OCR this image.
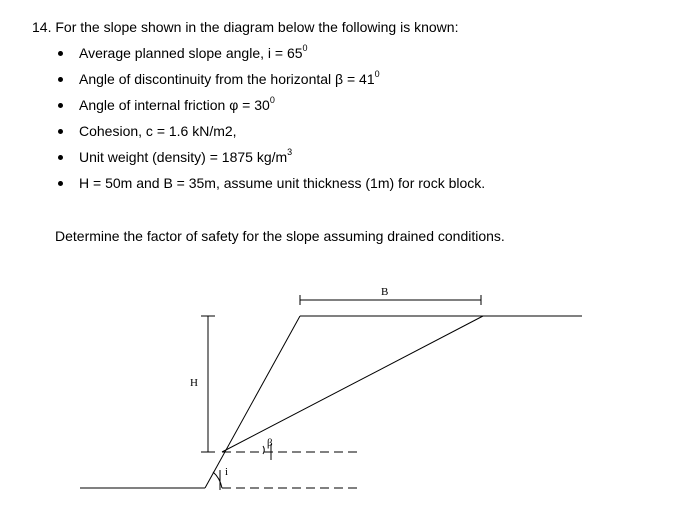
14. For the slope shown in the diagram below the following is known:
Average planned slope angle, $i = 65^0$
Angle of discontinuity from the horizontal $\beta = 41^0$
Angle of internal friction $\varphi = 30^0$
Cohesion, c = 1.6 kN/m2,
Unit weight (density) = 1875 $kg/m^3$
H = 50m and B = 35m, assume unit thickness (1m) for rock block.
Determine the factor of safety for the slope assuming drained conditions.
B
H
β
i
